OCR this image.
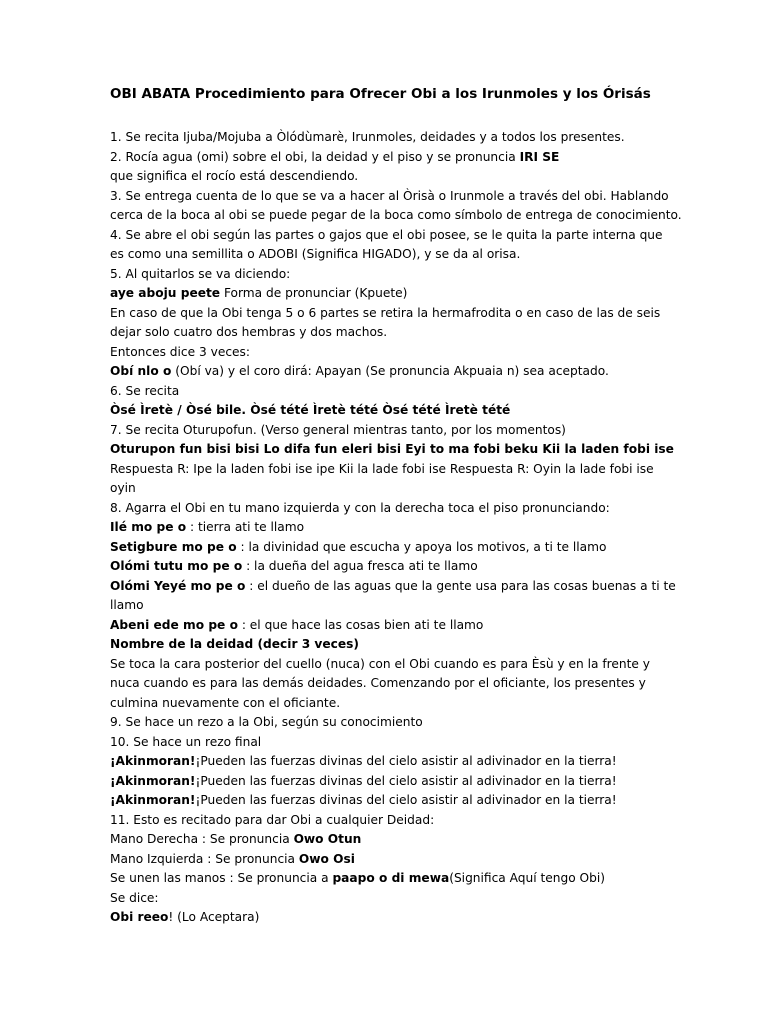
OBI ABATA Procedimiento para Ofrecer Obi a los Irunmoles y los Órisás
1. Se recita Ijuba/Mojuba a Òlódùmarè, Irunmoles, deidades y a todos los presentes.
2. Rocía agua (omi) sobre el obi, la deidad y el piso y se pronuncia IRI SE
que significa el rocío está descendiendo.
3. Se entrega cuenta de lo que se va a hacer al Òrisà o Irunmole a través del obi. Hablando
cerca de la boca al obi se puede pegar de la boca como símbolo de entrega de conocimiento.
4. Se abre el obi según las partes o gajos que el obi posee, se le quita la parte interna que
es como una semillita o ADOBI (Significa HIGADO), y se da al orisa.
5. Al quitarlos se va diciendo:
aye aboju peete Forma de pronunciar (Kpuete)
En caso de que la Obi tenga 5 o 6 partes se retira la hermafrodita o en caso de las de seis
dejar solo cuatro dos hembras y dos machos.
Entonces dice 3 veces:
Obí nlo o (Obí va) y el coro dirá: Apayan (Se pronuncia Akpuaia n) sea aceptado.
6. Se recita
Òsé Ìretè / Òsé bile. Òsé tété Ìretè tété Òsé tété Ìretè tété
7. Se recita Oturupofun. (Verso general mientras tanto, por los momentos)
Oturupon fun bisi bisi Lo difa fun eleri bisi Eyi to ma fobi beku Kii la laden fobi ise
Respuesta R: Ipe la laden fobi ise ipe Kii la lade fobi ise Respuesta R: Oyin la lade fobi ise
oyin
8. Agarra el Obi en tu mano izquierda y con la derecha toca el piso pronunciando:
Ilé mo pe o : tierra ati te llamo
Setigbure mo pe o : la divinidad que escucha y apoya los motivos, a ti te llamo
Olómi tutu mo pe o : la dueña del agua fresca ati te llamo
Olómi Yeyé mo pe o : el dueño de las aguas que la gente usa para las cosas buenas a ti te
llamo
Abeni ede mo pe o : el que hace las cosas bien ati te llamo
Nombre de la deidad (decir 3 veces)
Se toca la cara posterior del cuello (nuca) con el Obi cuando es para Èsù y en la frente y
nuca cuando es para las demás deidades. Comenzando por el oficiante, los presentes y
culmina nuevamente con el oficiante.
9. Se hace un rezo a la Obi, según su conocimiento
10. Se hace un rezo final
¡Akinmoran!¡Pueden las fuerzas divinas del cielo asistir al adivinador en la tierra!
¡Akinmoran!¡Pueden las fuerzas divinas del cielo asistir al adivinador en la tierra!
¡Akinmoran!¡Pueden las fuerzas divinas del cielo asistir al adivinador en la tierra!
11. Esto es recitado para dar Obi a cualquier Deidad:
Mano Derecha : Se pronuncia Owo Otun
Mano Izquierda : Se pronuncia Owo Osi
Se unen las manos : Se pronuncia a paapo o di mewa(Significa Aquí tengo Obi)
Se dice:
Obi reeo! (Lo Aceptara)
